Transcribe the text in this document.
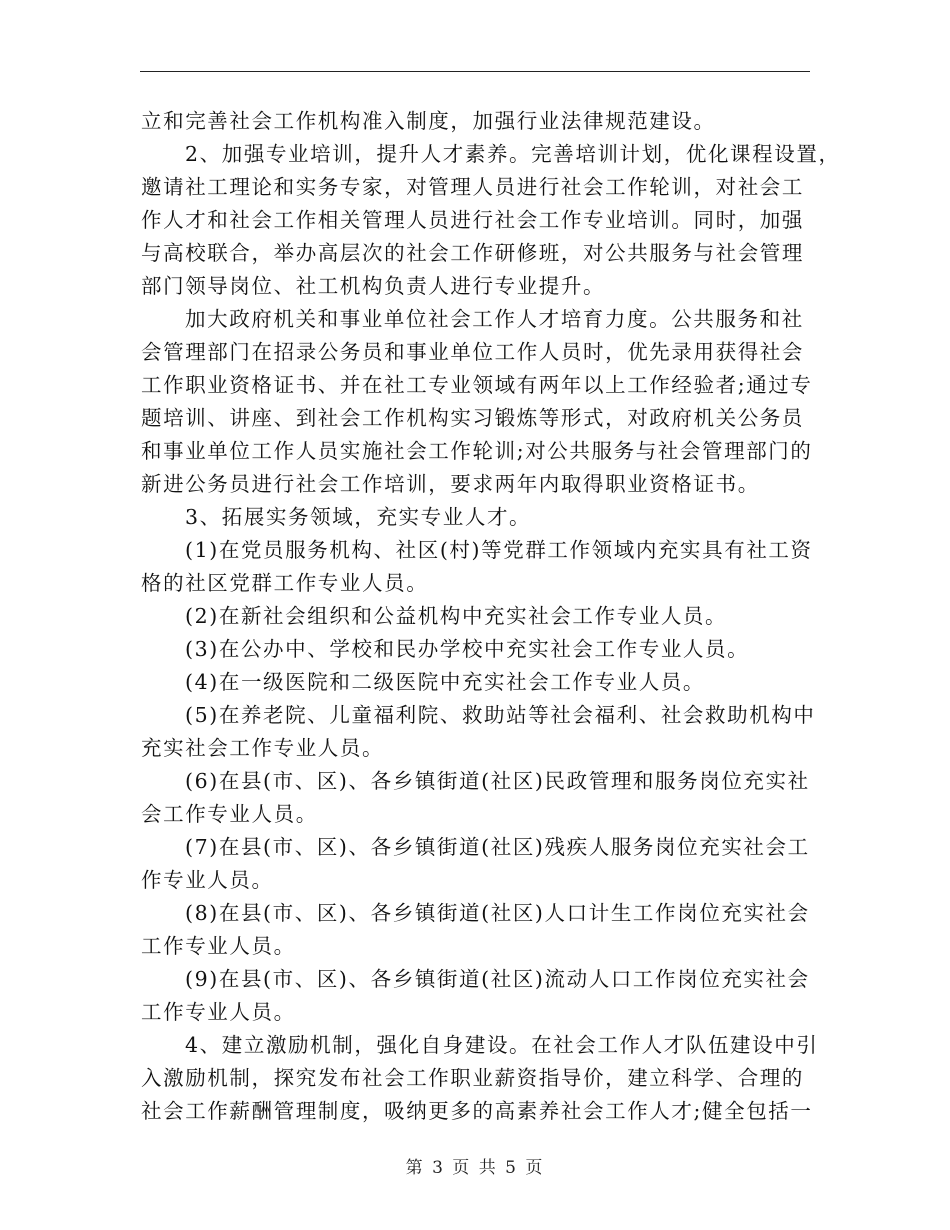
立和完善社会工作机构准入制度，加强行业法律规范建设。
2、加强专业培训，提升人才素养。完善培训计划，优化课程设置，
邀请社工理论和实务专家，对管理人员进行社会工作轮训，对社会工
作人才和社会工作相关管理人员进行社会工作专业培训。同时，加强
与高校联合，举办高层次的社会工作研修班，对公共服务与社会管理
部门领导岗位、社工机构负责人进行专业提升。
加大政府机关和事业单位社会工作人才培育力度。公共服务和社
会管理部门在招录公务员和事业单位工作人员时，优先录用获得社会
工作职业资格证书、并在社工专业领域有两年以上工作经验者;通过专
题培训、讲座、到社会工作机构实习锻炼等形式，对政府机关公务员
和事业单位工作人员实施社会工作轮训;对公共服务与社会管理部门的
新进公务员进行社会工作培训，要求两年内取得职业资格证书。
3、拓展实务领域，充实专业人才。
(1)在党员服务机构、社区(村)等党群工作领域内充实具有社工资
格的社区党群工作专业人员。
(2)在新社会组织和公益机构中充实社会工作专业人员。
(3)在公办中、学校和民办学校中充实社会工作专业人员。
(4)在一级医院和二级医院中充实社会工作专业人员。
(5)在养老院、儿童福利院、救助站等社会福利、社会救助机构中
充实社会工作专业人员。
(6)在县(市、区)、各乡镇街道(社区)民政管理和服务岗位充实社
会工作专业人员。
(7)在县(市、区)、各乡镇街道(社区)残疾人服务岗位充实社会工
作专业人员。
(8)在县(市、区)、各乡镇街道(社区)人口计生工作岗位充实社会
工作专业人员。
(9)在县(市、区)、各乡镇街道(社区)流动人口工作岗位充实社会
工作专业人员。
4、建立激励机制，强化自身建设。在社会工作人才队伍建设中引
入激励机制，探究发布社会工作职业薪资指导价，建立科学、合理的
社会工作薪酬管理制度，吸纳更多的高素养社会工作人才;健全包括一
第 3 页 共 5 页
